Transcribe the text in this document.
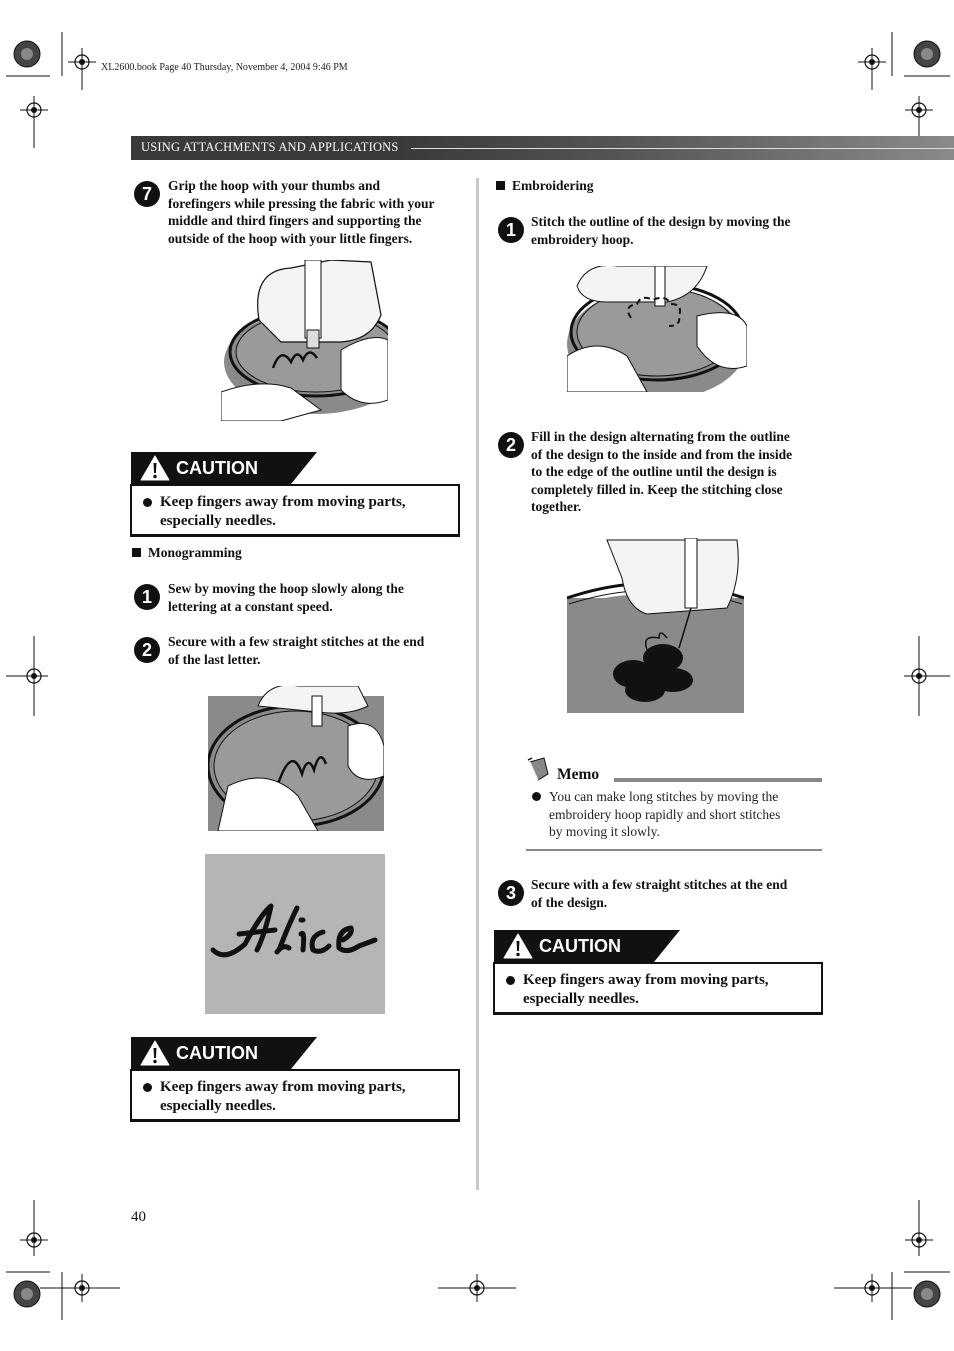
XL2600.book Page 40 Thursday, November 4, 2004 9:46 PM
USING ATTACHMENTS AND APPLICATIONS
7	Grip the hoop with your thumbs and
forefingers while pressing the fabric with your
middle and third fingers and supporting the
outside of the hoop with your little fingers.
CAUTION
Keep fingers away from moving parts,
especially needles.
Monogramming
1	Sew by moving the hoop slowly along the
lettering at a constant speed.
2	Secure with a few straight stitches at the end
of the last letter.
CAUTION
Keep fingers away from moving parts,
especially needles.
40
Embroidering
1	Stitch the outline of the design by moving the
embroidery hoop.
2	Fill in the design alternating from the outline
of the design to the inside and from the inside
to the edge of the outline until the design is
completely filled in. Keep the stitching close
together.
Memo
You can make long stitches by moving the
embroidery hoop rapidly and short stitches
by moving it slowly.
3	Secure with a few straight stitches at the end
of the design.
CAUTION
Keep fingers away from moving parts,
especially needles.
